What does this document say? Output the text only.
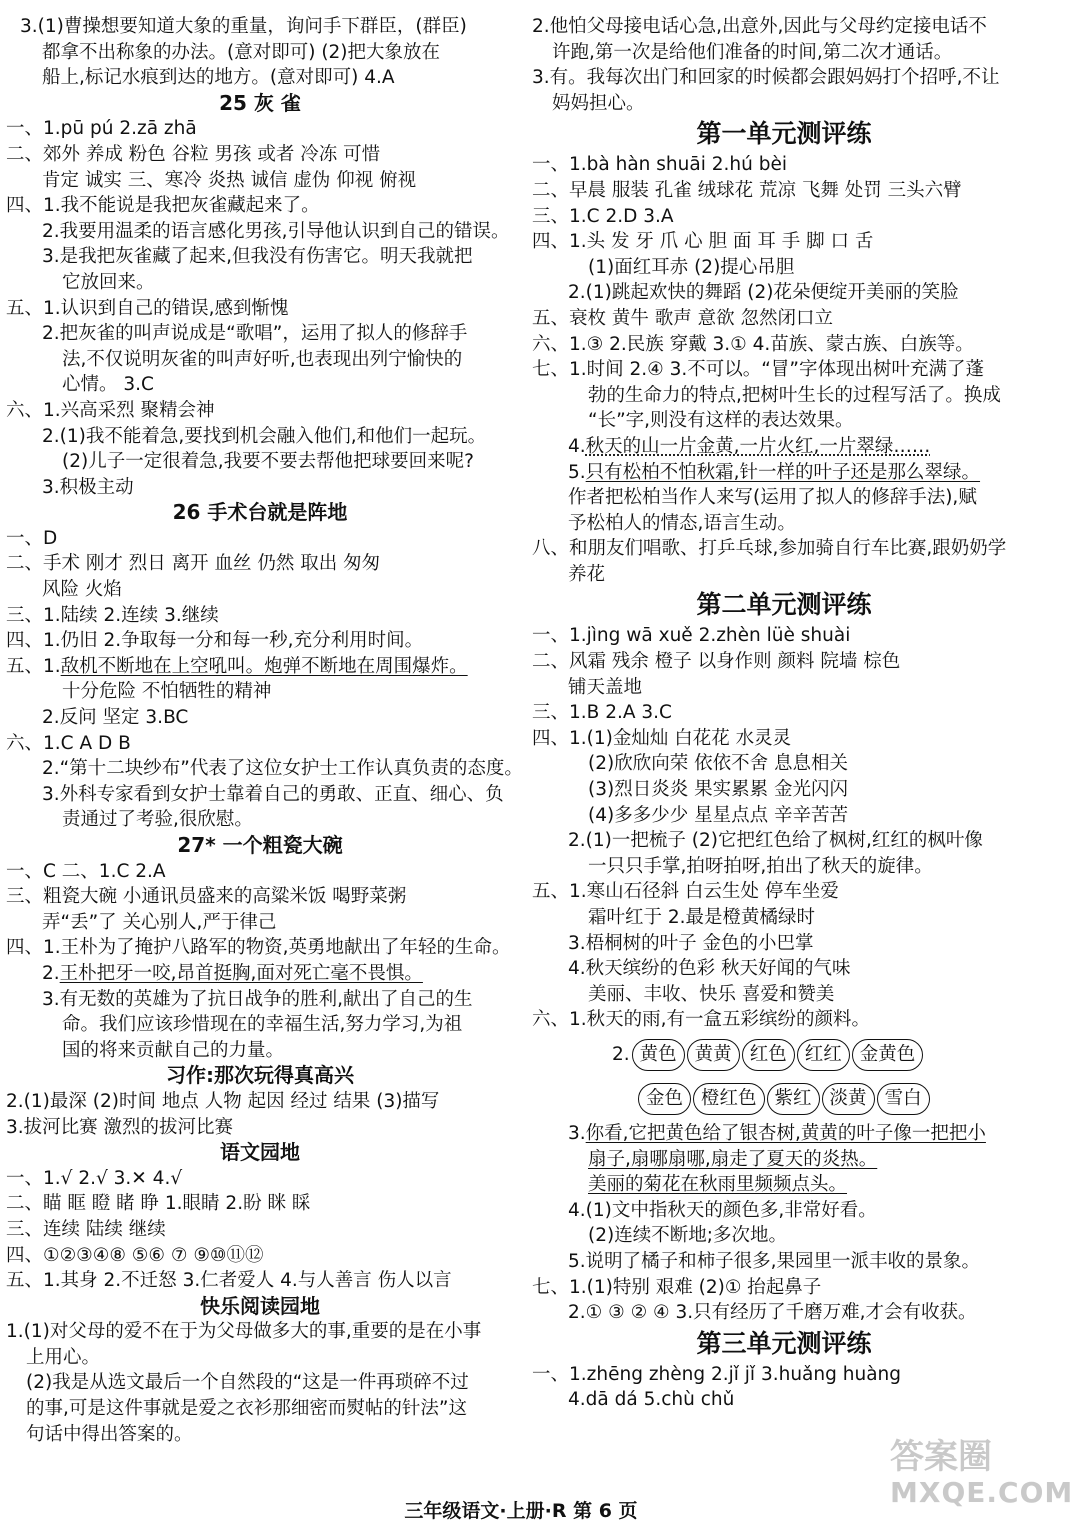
3.(1)曹操想要知道大象的重量，询问手下群臣，(群臣)
都拿不出称象的办法。(意对即可) (2)把大象放在
船上,标记水痕到达的地方。(意对即可) 4.A
25 灰 雀
一、1.pū pú 2.zā zhā
二、郊外 养成 粉色 谷粒 男孩 或者 冷冻 可惜
肯定 诚实 三、寒冷 炎热 诚信 虚伪 仰视 俯视
四、1.我不能说是我把灰雀藏起来了。
2.我要用温柔的语言感化男孩,引导他认识到自己的错误。
3.是我把灰雀藏了起来,但我没有伤害它。明天我就把
它放回来。
五、1.认识到自己的错误,感到惭愧
2.把灰雀的叫声说成是“歌唱”，运用了拟人的修辞手
法,不仅说明灰雀的叫声好听,也表现出列宁愉快的
心情。 3.C
六、1.兴高采烈 聚精会神
2.(1)我不能着急,要找到机会融入他们,和他们一起玩。
(2)儿子一定很着急,我要不要去帮他把球要回来呢?
3.积极主动
26 手术台就是阵地
一、D
二、手术 刚才 烈日 离开 血丝 仍然 取出 匆匆
风险 火焰
三、1.陆续 2.连续 3.继续
四、1.仍旧 2.争取每一分和每一秒,充分利用时间。
五、1.敌机不断地在上空吼叫。炮弹不断地在周围爆炸。
十分危险 不怕牺牲的精神
2.反问 坚定 3.BC
六、1.C A D B
2.“第十二块纱布”代表了这位女护士工作认真负责的态度。
3.外科专家看到女护士靠着自己的勇敢、正直、细心、负
责通过了考验,很欣慰。
27* 一个粗瓷大碗
一、C 二、1.C 2.A
三、粗瓷大碗 小通讯员盛来的高粱米饭 喝野菜粥
弄“丢”了 关心别人,严于律己
四、1.王朴为了掩护八路军的物资,英勇地献出了年轻的生命。
2.王朴把牙一咬,昂首挺胸,面对死亡毫不畏惧。
3.有无数的英雄为了抗日战争的胜利,献出了自己的生
命。我们应该珍惜现在的幸福生活,努力学习,为祖
国的将来贡献自己的力量。
习作:那次玩得真高兴
2.(1)最深 (2)时间 地点 人物 起因 经过 结果 (3)描写
3.拔河比赛 激烈的拔河比赛
语文园地
一、1.√ 2.√ 3.✕ 4.√
二、瞄 眶 瞪 睹 睁 1.眼睛 2.盼 眯 睬
三、连续 陆续 继续
四、①②③④⑧ ⑤⑥ ⑦ ⑨⑩⑪⑫
五、1.其身 2.不迁怒 3.仁者爱人 4.与人善言 伤人以言
快乐阅读园地
1.(1)对父母的爱不在于为父母做多大的事,重要的是在小事
上用心。
(2)我是从选文最后一个自然段的“这是一件再琐碎不过
的事,可是这件事就是爱之衣衫那细密而熨帖的针法”这
句话中得出答案的。
2.他怕父母接电话心急,出意外,因此与父母约定接电话不
许跑,第一次是给他们准备的时间,第二次才通话。
3.有。我每次出门和回家的时候都会跟妈妈打个招呼,不让
妈妈担心。
第一单元测评练
一、1.bà hàn shuāi 2.hú bèi
二、早晨 服装 孔雀 绒球花 荒凉 飞舞 处罚 三头六臂
三、1.C 2.D 3.A
四、1.头 发 牙 爪 心 胆 面 耳 手 脚 口 舌
(1)面红耳赤 (2)提心吊胆
2.(1)跳起欢快的舞蹈 (2)花朵便绽开美丽的笑脸
五、衰枚 黄牛 歌声 意欲 忽然闭口立
六、1.③ 2.民族 穿戴 3.① 4.苗族、蒙古族、白族等。
七、1.时间 2.④ 3.不可以。“冒”字体现出树叶充满了蓬
勃的生命力的特点,把树叶生长的过程写活了。换成
“长”字,则没有这样的表达效果。
4.秋天的山一片金黄,一片火红,一片翠绿……
5.只有松柏不怕秋霜,针一样的叶子还是那么翠绿。
作者把松柏当作人来写(运用了拟人的修辞手法),赋
予松柏人的情态,语言生动。
八、和朋友们唱歌、打乒乓球,参加骑自行车比赛,跟奶奶学
养花
第二单元测评练
一、1.jìng wā xuě 2.zhèn lüè shuài
二、风霜 残余 橙子 以身作则 颜料 院墙 棕色
铺天盖地
三、1.B 2.A 3.C
四、1.(1)金灿灿 白花花 水灵灵
(2)欣欣向荣 依依不舍 息息相关
(3)烈日炎炎 果实累累 金光闪闪
(4)多多少少 星星点点 辛辛苦苦
2.(1)一把梳子 (2)它把红色给了枫树,红红的枫叶像
一只只手掌,拍呀拍呀,拍出了秋天的旋律。
五、1.寒山石径斜 白云生处 停车坐爱
霜叶红于 2.最是橙黄橘绿时
3.梧桐树的叶子 金色的小巴掌
4.秋天缤纷的色彩 秋天好闻的气味
美丽、丰收、快乐 喜爱和赞美
六、1.秋天的雨,有一盒五彩缤纷的颜料。
2. 黄色 黄黄 红色 红红 金黄色
金色 橙红色 紫红 淡黄 雪白
3.你看,它把黄色给了银杏树,黄黄的叶子像一把把小
扇子,扇哪扇哪,扇走了夏天的炎热。
美丽的菊花在秋雨里频频点头。
4.(1)文中指秋天的颜色多,非常好看。
(2)连续不断地;多次地。
5.说明了橘子和柿子很多,果园里一派丰收的景象。
七、1.(1)特别 艰难 (2)① 抬起鼻子
2.① ③ ② ④ 3.只有经历了千磨万难,才会有收获。
第三单元测评练
一、1.zhēng zhèng 2.jǐ jǐ 3.huǎng huàng
4.dā dá 5.chù chǔ
三年级语文·上册·R 第 6 页
答案圈
MXQE.COM
